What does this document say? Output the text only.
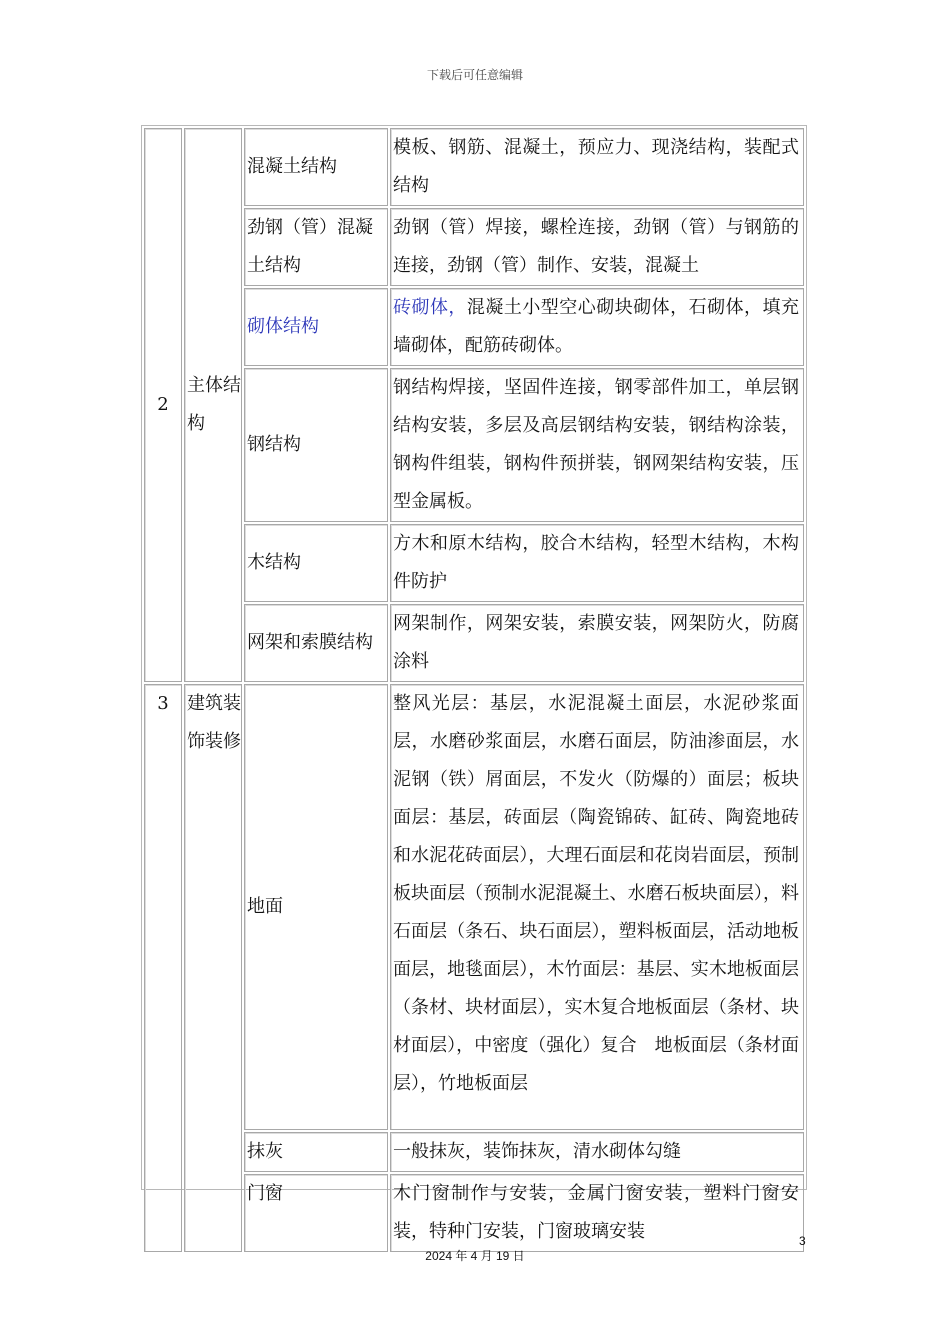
下载后可任意编辑
2	主体结构	混凝土结构	模板、钢筋、混凝土，预应力、现浇结构，装配式结构

		劲钢（管）混凝土结构	劲钢（管）焊接，螺栓连接，劲钢（管）与钢筋的连接，劲钢（管）制作、安装，混凝土

		砌体结构	砖砌体，混凝土小型空心砌块砌体，石砌体，填充墙砌体，配筋砖砌体。

		钢结构	钢结构焊接，坚固件连接，钢零部件加工，单层钢结构安装，多层及高层钢结构安装，钢结构涂装，钢构件组装，钢构件预拼装，钢网架结构安装，压型金属板。

		木结构	方木和原木结构，胶合木结构，轻型木结构，木构件防护

		网架和索膜结构	网架制作，网架安装，索膜安装，网架防火，防腐涂料

3	建筑装饰装修	地面	整风光层：基层，水泥混凝土面层，水泥砂浆面层，水磨砂浆面层，水磨石面层，防油渗面层，水泥钢（铁）屑面层，不发火（防爆的）面层；板块面层：基层，砖面层（陶瓷锦砖、缸砖、陶瓷地砖和水泥花砖面层），大理石面层和花岗岩面层，预制板块面层（预制水泥混凝土、水磨石板块面层），料石面层（条石、块石面层），塑料板面层，活动地板面层，地毯面层），木竹面层：基层、实木地板面层（条材、块材面层），实木复合地板面层（条材、块材面层），中密度（强化）复合　地板面层（条材面层），竹地板面层

		抹灰	一般抹灰，装饰抹灰，清水砌体勾缝

		门窗	木门窗制作与安装，金属门窗安装，塑料门窗安装，特种门安装，门窗玻璃安装	3
2024 年 4 月 19 日
